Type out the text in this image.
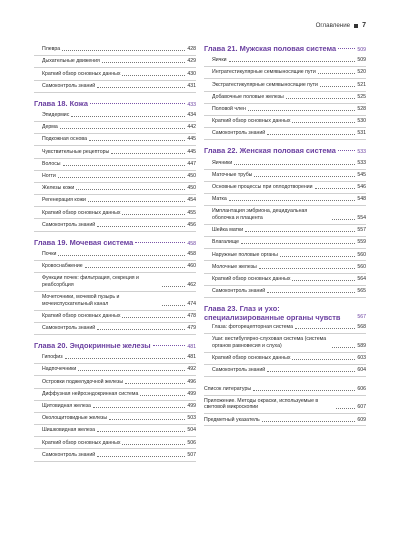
Оглавление 7
Плевра	428
Дыхательные движения	429
Краткий обзор основных данных	430
Самоконтроль знаний	431
Глава 18. Кожа	433
Эпидермис	434
Дерма	442
Подкожная основа	445
Чувствительные рецепторы	445
Волосы	447
Ногти	450
Железы кожи	450
Регенерация кожи	454
Краткий обзор основных данных	455
Самоконтроль знаний	456
Глава 19. Мочевая система	458
Почки	458
Кровоснабжение	460
Функции почек: фильтрация, секреция и реабсорбция	462
Мочеточники, мочевой пузырь и мочеиспускательный канал	474
Краткий обзор основных данных	478
Самоконтроль знаний	479
Глава 20. Эндокринные железы	481
Гипофиз	481
Надпочечники	492
Островки поджелудочной железы	496
Диффузная нейроэндокринная система	499
Щитовидная железа	499
Околощитовидные железы	503
Шишковидная железа	504
Краткий обзор основных данных	506
Самоконтроль знаний	507
Глава 21. Мужская половая система	509
Яички	509
Интратестикулярные семявыносящие пути	520
Экстратестикулярные семявыносящие пути	521
Добавочные половые железы	525
Половой член	528
Краткий обзор основных данных	530
Самоконтроль знаний	531
Глава 22. Женская половая система	533
Яичники	533
Маточные трубы	545
Основные процессы при оплодотворении	546
Матка	548
Имплантация эмбриона, децидуальная оболочка и плацента	554
Шейка матки	557
Влагалище	559
Наружные половые органы	560
Молочные железы	560
Краткий обзор основных данных	564
Самоконтроль знаний	565
Глава 23. Глаз и ухо: специализированные органы чувств	567
Глаза: фоторецепторная система	568
Уши: вестибулярно-слуховая система (система органов равновесия и слуха)	589
Краткий обзор основных данных	603
Самоконтроль знаний	604
Список литературы	606
Приложение. Методы окраски, используемые в световой микроскопии	607
Предметный указатель	609
